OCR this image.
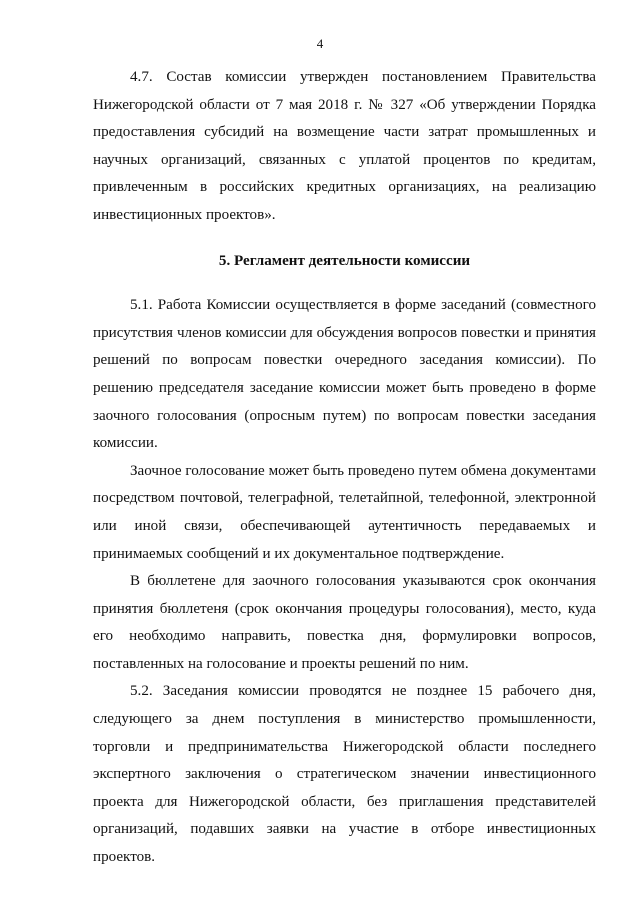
4

4.7. Состав комиссии утвержден постановлением Правительства Нижегородской области от 7 мая 2018 г. № 327 «Об утверждении Порядка предоставления субсидий на возмещение части затрат промышленных и научных организаций, связанных с уплатой процентов по кредитам, привлеченным в российских кредитных организациях, на реализацию инвестиционных проектов».

5. Регламент деятельности комиссии

5.1. Работа Комиссии осуществляется в форме заседаний (совместного присутствия членов комиссии для обсуждения вопросов повестки и принятия решений по вопросам повестки очередного заседания комиссии). По решению председателя заседание комиссии может быть проведено в форме заочного голосования (опросным путем) по вопросам повестки заседания комиссии.

Заочное голосование может быть проведено путем обмена документами посредством почтовой, телеграфной, телетайпной, телефонной, электронной или иной связи, обеспечивающей аутентичность передаваемых и принимаемых сообщений и их документальное подтверждение.

В бюллетене для заочного голосования указываются срок окончания принятия бюллетеня (срок окончания процедуры голосования), место, куда его необходимо направить, повестка дня, формулировки вопросов, поставленных на голосование и проекты решений по ним.

5.2. Заседания комиссии проводятся не позднее 15 рабочего дня, следующего за днем поступления в министерство промышленности, торговли и предпринимательства Нижегородской области последнего экспертного заключения о стратегическом значении инвестиционного проекта для Нижегородской области, без приглашения представителей организаций, подавших заявки на участие в отборе инвестиционных проектов.
